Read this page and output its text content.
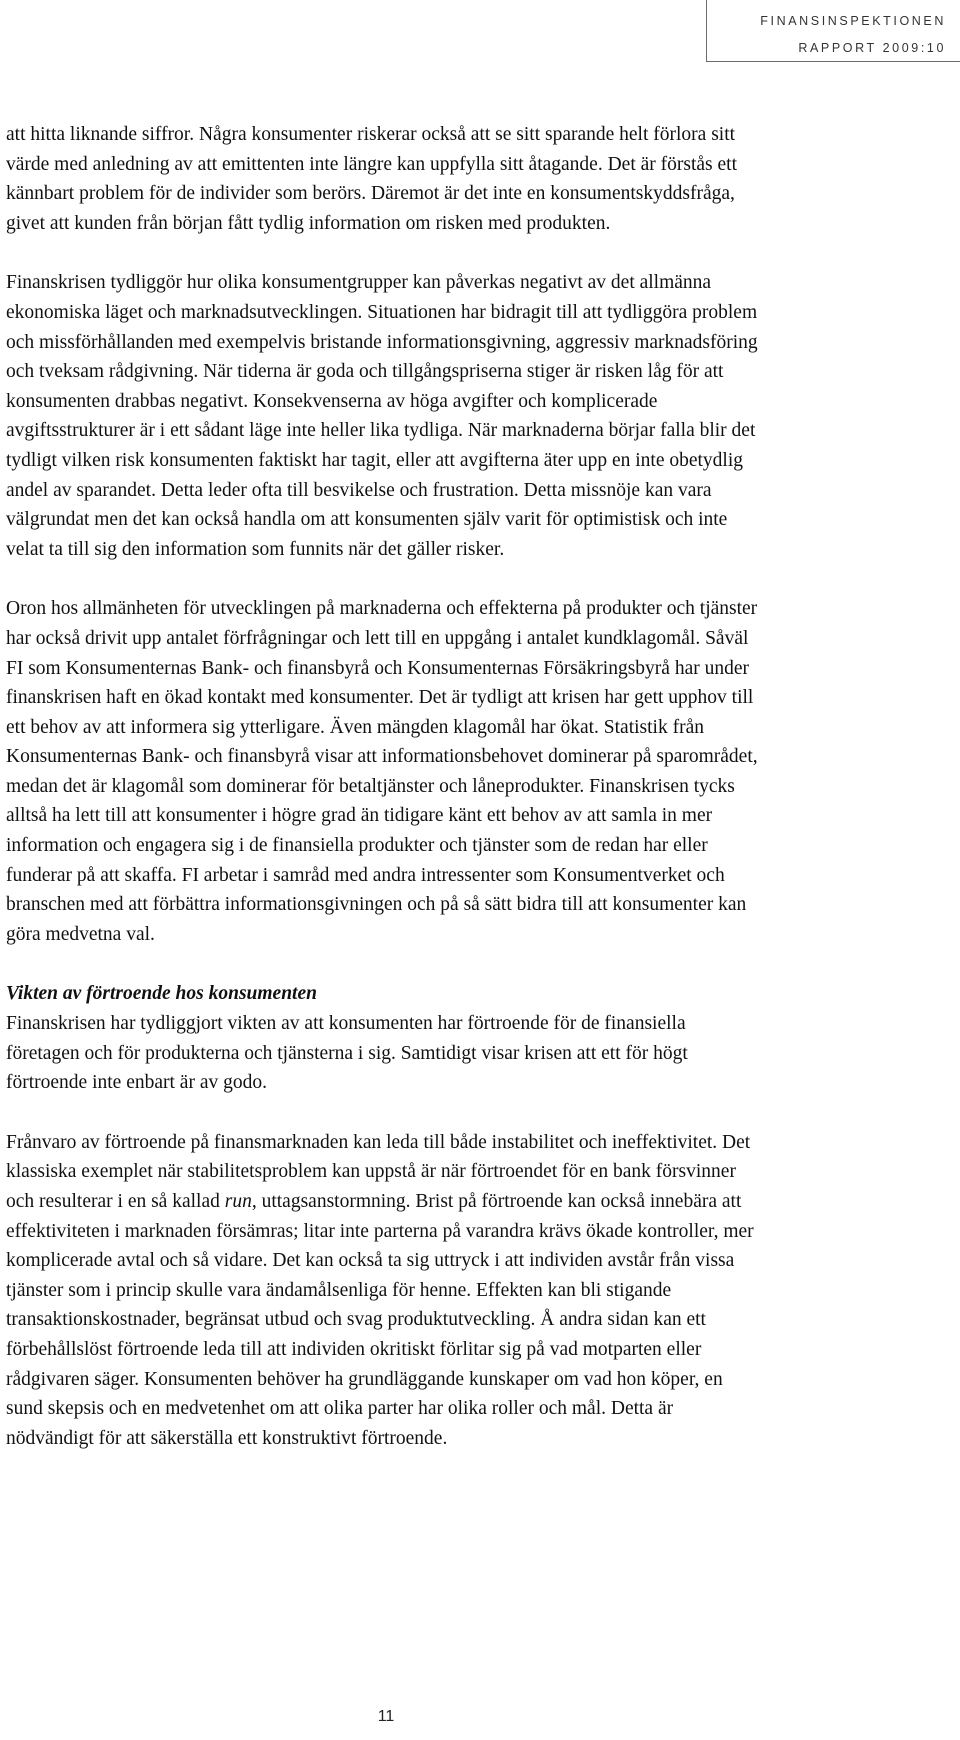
FINANSINSPEKTIONEN
RAPPORT 2009:10

att hitta liknande siffror. Några konsumenter riskerar också att se sitt sparande helt förlora sitt värde med anledning av att emittenten inte längre kan uppfylla sitt åtagande. Det är förstås ett kännbart problem för de individer som berörs. Däremot är det inte en konsumentskyddsfråga, givet att kunden från början fått tydlig information om risken med produkten.

Finanskrisen tydliggör hur olika konsumentgrupper kan påverkas negativt av det allmänna ekonomiska läget och marknadsutvecklingen. Situationen har bidragit till att tydliggöra problem och missförhållanden med exempelvis bristande informationsgivning, aggressiv marknadsföring och tveksam rådgivning. När tiderna är goda och tillgångspriserna stiger är risken låg för att konsumenten drabbas negativt. Konsekvenserna av höga avgifter och komplicerade avgiftsstrukturer är i ett sådant läge inte heller lika tydliga. När marknaderna börjar falla blir det tydligt vilken risk konsumenten faktiskt har tagit, eller att avgifterna äter upp en inte obetydlig andel av sparandet. Detta leder ofta till besvikelse och frustration. Detta missnöje kan vara välgrundat men det kan också handla om att konsumenten själv varit för optimistisk och inte velat ta till sig den information som funnits när det gäller risker.

Oron hos allmänheten för utvecklingen på marknaderna och effekterna på produkter och tjänster har också drivit upp antalet förfrågningar och lett till en uppgång i antalet kundklagomål. Såväl FI som Konsumenternas Bank- och finansbyrå och Konsumenternas Försäkringsbyrå har under finanskrisen haft en ökad kontakt med konsumenter. Det är tydligt att krisen har gett upphov till ett behov av att informera sig ytterligare. Även mängden klagomål har ökat. Statistik från Konsumenternas Bank- och finansbyrå visar att informationsbehovet dominerar på sparområdet, medan det är klagomål som dominerar för betaltjänster och låneprodukter. Finanskrisen tycks alltså ha lett till att konsumenter i högre grad än tidigare känt ett behov av att samla in mer information och engagera sig i de finansiella produkter och tjänster som de redan har eller funderar på att skaffa. FI arbetar i samråd med andra intressenter som Konsumentverket och branschen med att förbättra informationsgivningen och på så sätt bidra till att konsumenter kan göra medvetna val.

Vikten av förtroende hos konsumenten

Finanskrisen har tydliggjort vikten av att konsumenten har förtroende för de finansiella företagen och för produkterna och tjänsterna i sig. Samtidigt visar krisen att ett för högt förtroende inte enbart är av godo.

Frånvaro av förtroende på finansmarknaden kan leda till både instabilitet och ineffektivitet. Det klassiska exemplet när stabilitetsproblem kan uppstå är när förtroendet för en bank försvinner och resulterar i en så kallad run, uttagsanstormning. Brist på förtroende kan också innebära att effektiviteten i marknaden försämras; litar inte parterna på varandra krävs ökade kontroller, mer komplicerade avtal och så vidare. Det kan också ta sig uttryck i att individen avstår från vissa tjänster som i princip skulle vara ändamålsenliga för henne. Effekten kan bli stigande transaktionskostnader, begränsat utbud och svag produktutveckling. Å andra sidan kan ett förbehållslöst förtroende leda till att individen okritiskt förlitar sig på vad motparten eller rådgivaren säger. Konsumenten behöver ha grundläggande kunskaper om vad hon köper, en sund skepsis och en medvetenhet om att olika parter har olika roller och mål. Detta är nödvändigt för att säkerställa ett konstruktivt förtroende.

11
